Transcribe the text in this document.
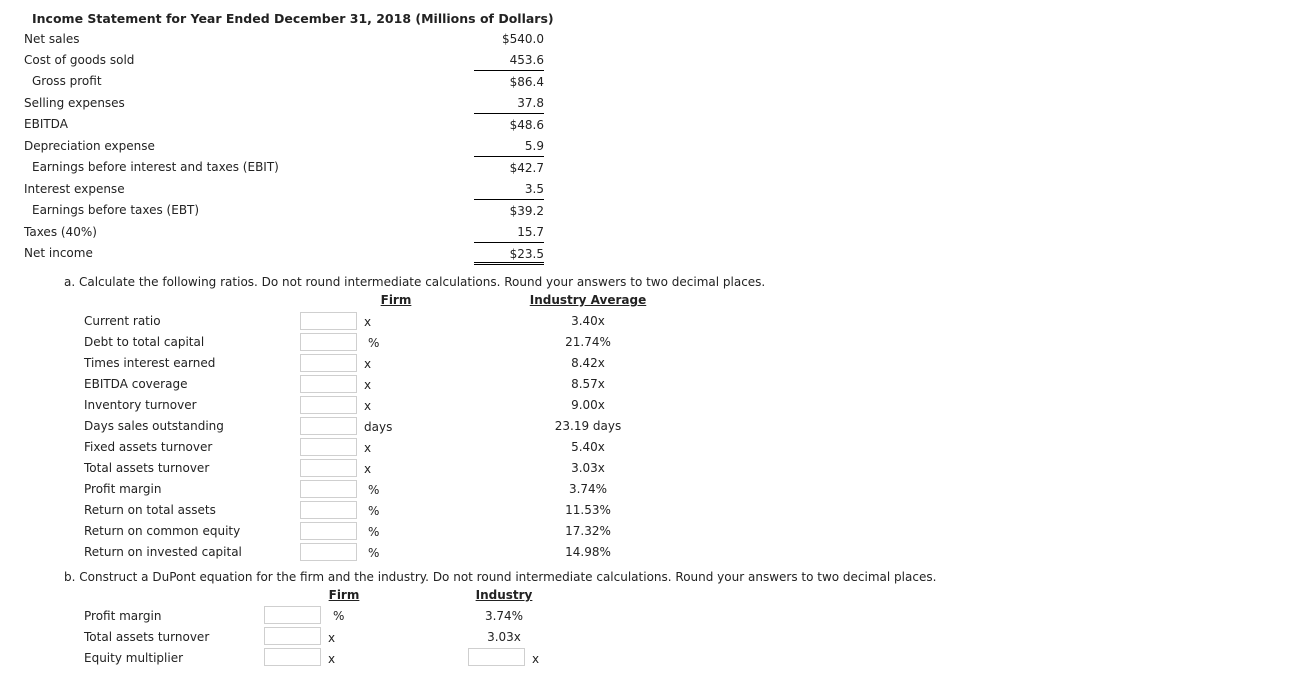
Income Statement for Year Ended December 31, 2018 (Millions of Dollars)
Net sales	$540.0
Cost of goods sold	453.6
Gross profit	$86.4
Selling expenses	37.8
EBITDA	$48.6
Depreciation expense	5.9
Earnings before interest and taxes (EBIT)	$42.7
Interest expense	3.5
Earnings before taxes (EBT)	$39.2
Taxes (40%)	15.7
Net income	$23.5
a. Calculate the following ratios. Do not round intermediate calculations. Round your answers to two decimal places.
Firm	Industry Average
Current ratio	x	3.40x
Debt to total capital	%	21.74%
Times interest earned	x	8.42x
EBITDA coverage	x	8.57x
Inventory turnover	x	9.00x
Days sales outstanding	days	23.19 days
Fixed assets turnover	x	5.40x
Total assets turnover	x	3.03x
Profit margin	%	3.74%
Return on total assets	%	11.53%
Return on common equity	%	17.32%
Return on invested capital	%	14.98%
b. Construct a DuPont equation for the firm and the industry. Do not round intermediate calculations. Round your answers to two decimal places.
Firm	Industry
Profit margin	%	3.74%
Total assets turnover	x	3.03x
Equity multiplier	x	x
